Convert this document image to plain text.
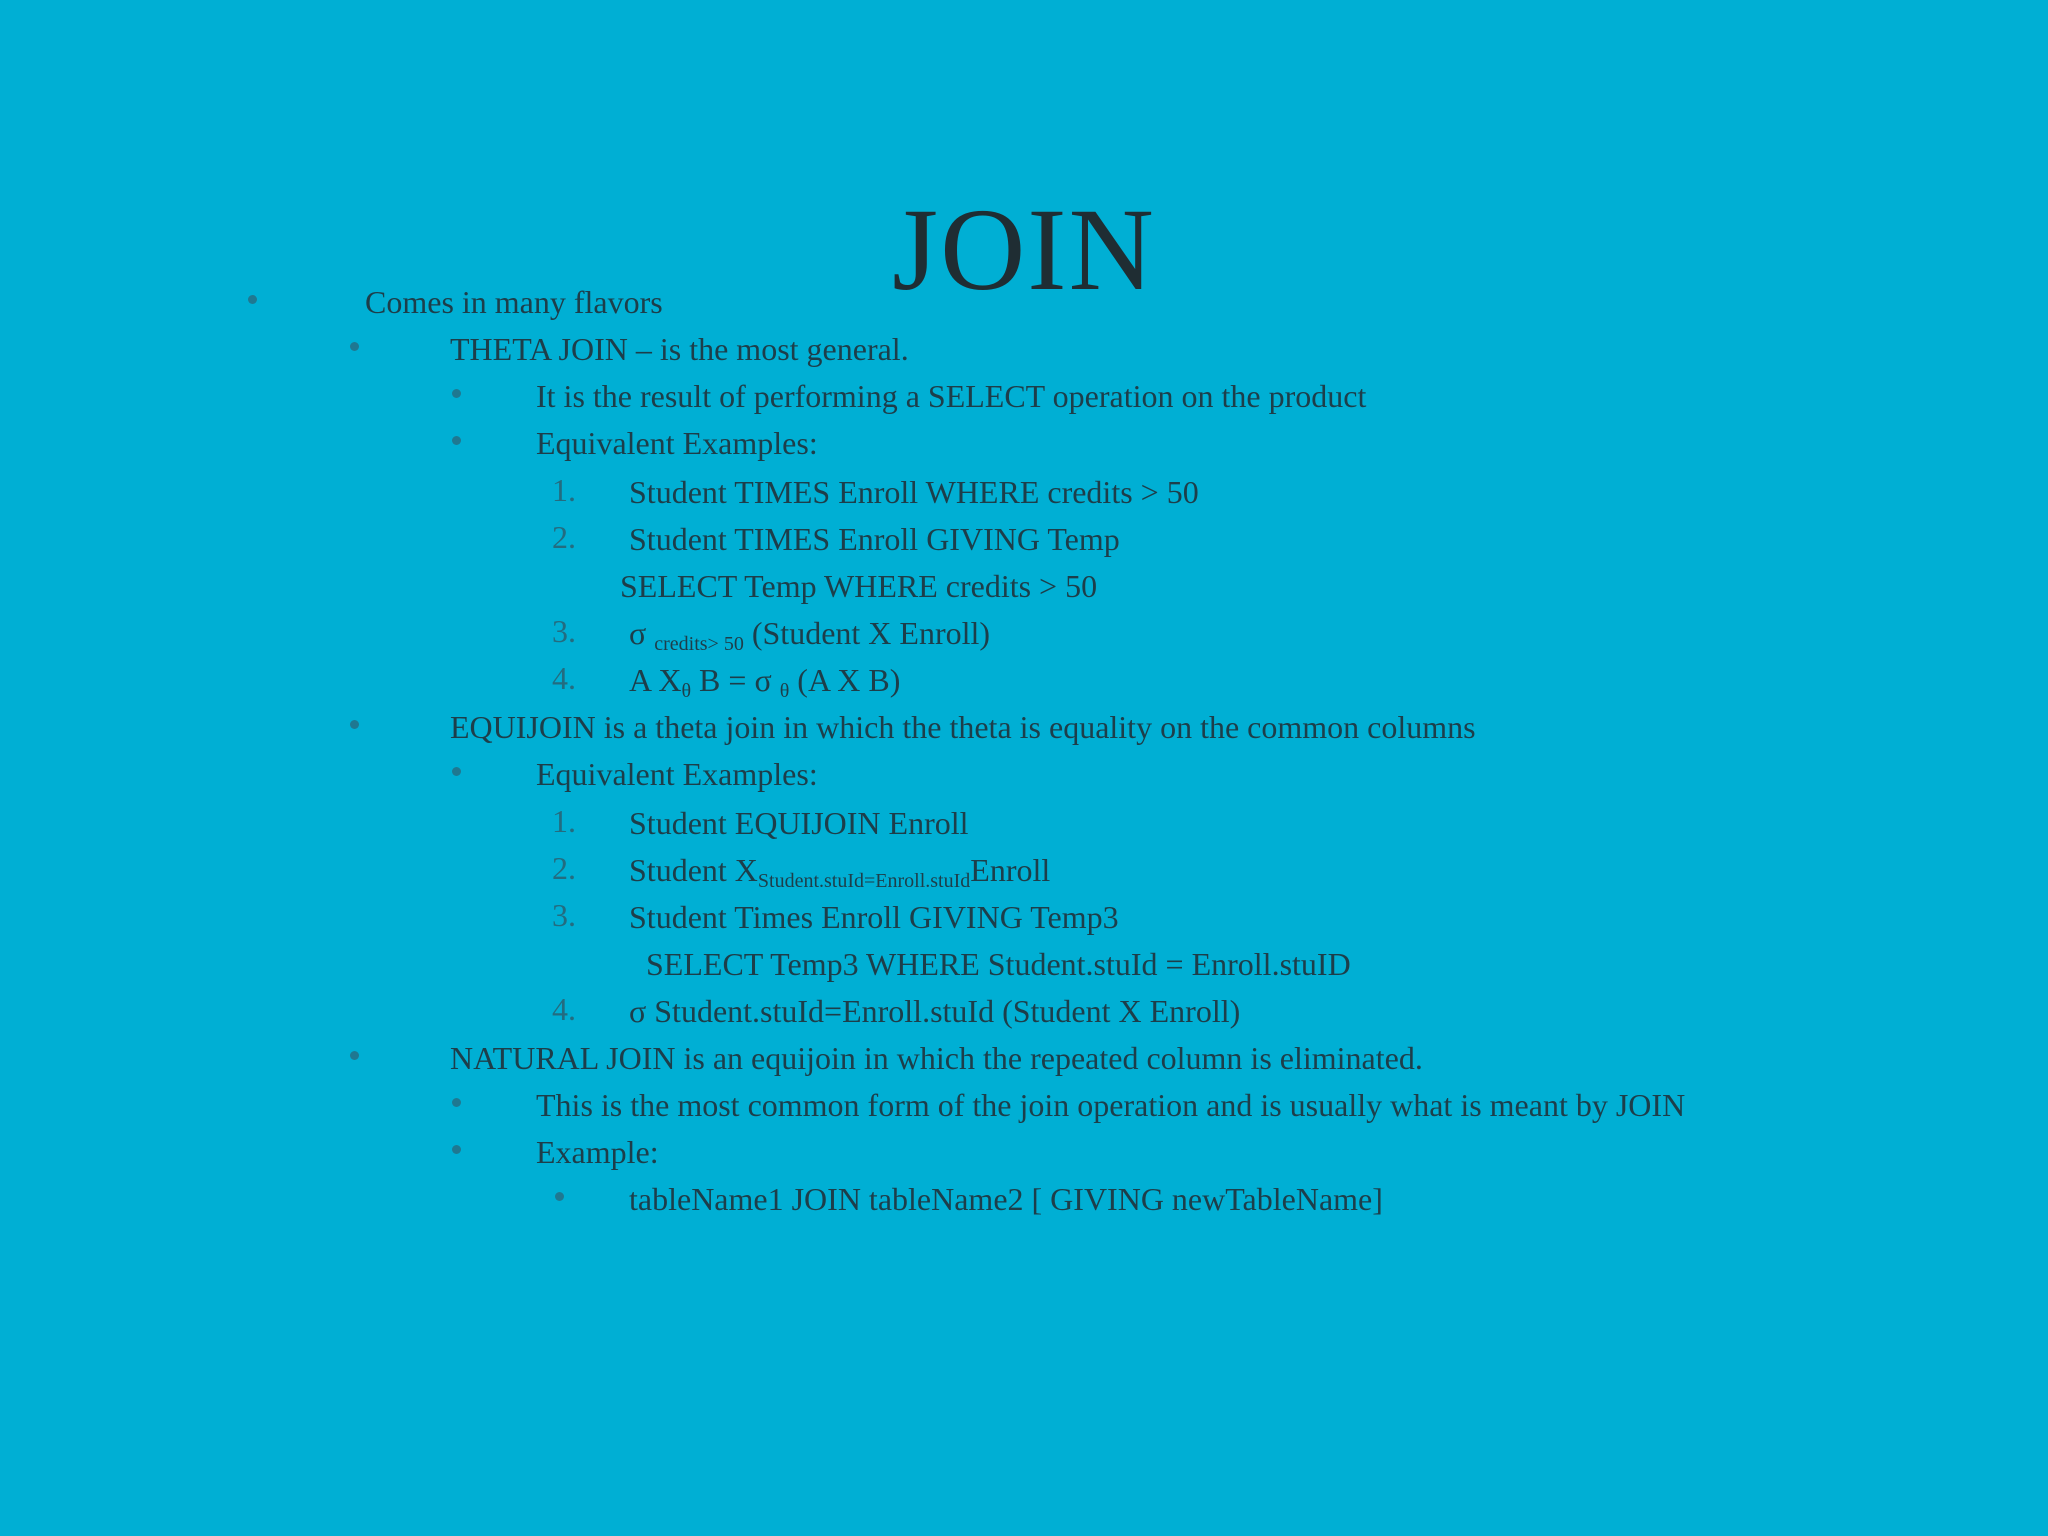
JOIN
Comes in many flavors
THETA JOIN – is the most general.
It is the result of performing a SELECT operation on the product
Equivalent Examples:
1. Student TIMES Enroll WHERE credits > 50
2. Student TIMES Enroll GIVING Temp
SELECT Temp WHERE credits > 50
3. σ $_{credits> 50}$ (Student X Enroll)
4. A $X_\theta$ B = σ $_\theta$ (A X B)
EQUIJOIN is a theta join in which the theta is equality on the common columns
Equivalent Examples:
1. Student EQUIJOIN Enroll
2. Student $X_{Student.stuId=Enroll.stuId}Enroll$
3. Student Times Enroll GIVING Temp3
SELECT Temp3 WHERE Student.stuId = Enroll.stuID
4. σ Student.stuId=Enroll.stuId (Student X Enroll)
NATURAL JOIN is an equijoin in which the repeated column is eliminated.
This is the most common form of the join operation and is usually what is meant by JOIN
Example:
tableName1 JOIN tableName2 [ GIVING newTableName]
